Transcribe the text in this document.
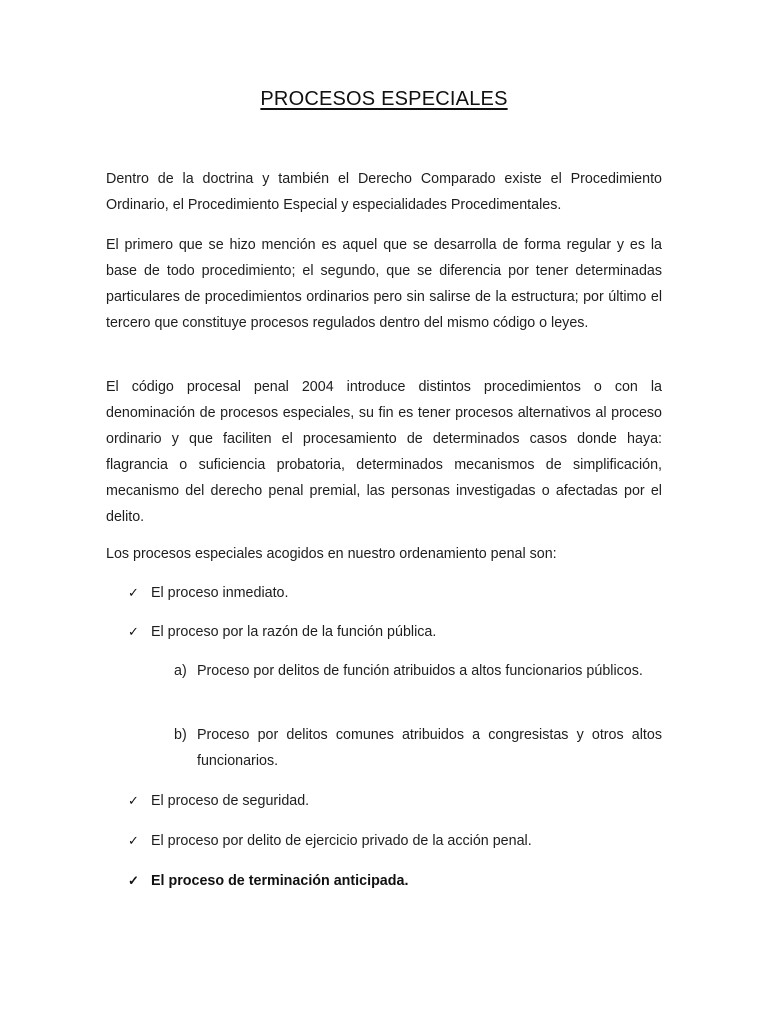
PROCESOS ESPECIALES

Dentro de la doctrina y también el Derecho Comparado existe el Procedimiento Ordinario, el Procedimiento Especial y especialidades Procedimentales.

El primero que se hizo mención es aquel que se desarrolla de forma regular y es la base de todo procedimiento; el segundo, que se diferencia por tener determinadas particulares de procedimientos ordinarios pero sin salirse de la estructura; por último el tercero que constituye procesos regulados dentro del mismo código o leyes.

El código procesal penal 2004 introduce distintos procedimientos o con la denominación de procesos especiales, su fin es tener procesos alternativos al proceso ordinario y que faciliten el procesamiento de determinados casos donde haya: flagrancia o suficiencia probatoria, determinados mecanismos de simplificación, mecanismo del derecho penal premial, las personas investigadas o afectadas por el delito.

Los procesos especiales acogidos en nuestro ordenamiento penal son:

✓ El proceso inmediato.
✓ El proceso por la razón de la función pública.
a) Proceso por delitos de función atribuidos a altos funcionarios públicos.
b) Proceso por delitos comunes atribuidos a congresistas y otros altos funcionarios.
✓ El proceso de seguridad.
✓ El proceso por delito de ejercicio privado de la acción penal.
✓ El proceso de terminación anticipada.
